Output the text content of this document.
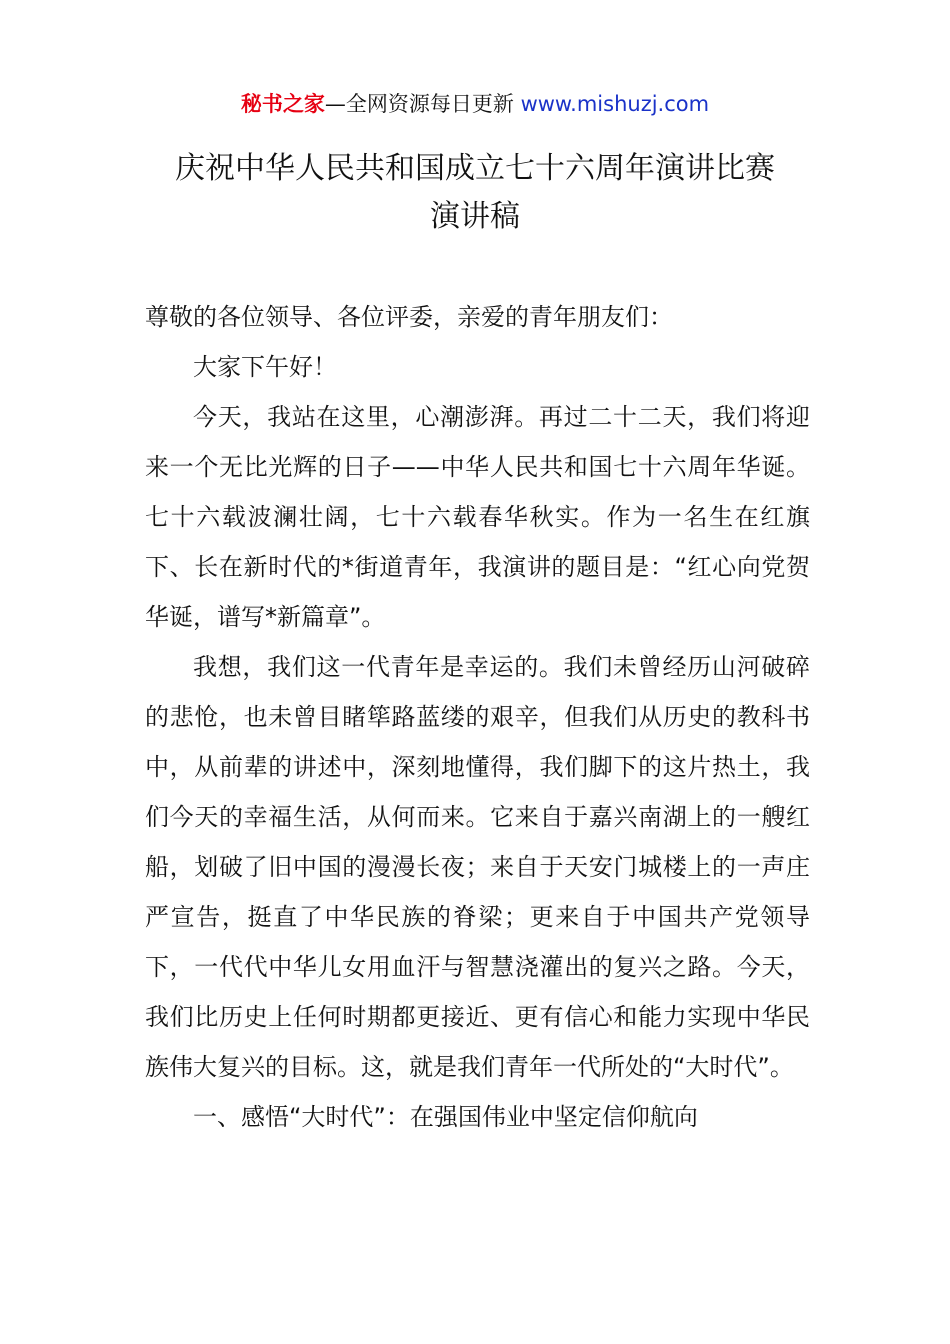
秘书之家—全网资源每日更新 www.mishuzj.com
庆祝中华人民共和国成立七十六周年演讲比赛
演讲稿

尊敬的各位领导、各位评委，亲爱的青年朋友们：

大家下午好！

今天，我站在这里，心潮澎湃。再过二十二天，我们将迎来一个无比光辉的日子——中华人民共和国七十六周年华诞。七十六载波澜壮阔，七十六载春华秋实。作为一名生在红旗下、长在新时代的*街道青年，我演讲的题目是：“红心向党贺华诞，谱写*新篇章”。

我想，我们这一代青年是幸运的。我们未曾经历山河破碎的悲怆，也未曾目睹筚路蓝缕的艰辛，但我们从历史的教科书中，从前辈的讲述中，深刻地懂得，我们脚下的这片热土，我们今天的幸福生活，从何而来。它来自于嘉兴南湖上的一艘红船，划破了旧中国的漫漫长夜；来自于天安门城楼上的一声庄严宣告，挺直了中华民族的脊梁；更来自于中国共产党领导下，一代代中华儿女用血汗与智慧浇灌出的复兴之路。今天，我们比历史上任何时期都更接近、更有信心和能力实现中华民族伟大复兴的目标。这，就是我们青年一代所处的“大时代”。

一、感悟“大时代”：在强国伟业中坚定信仰航向
